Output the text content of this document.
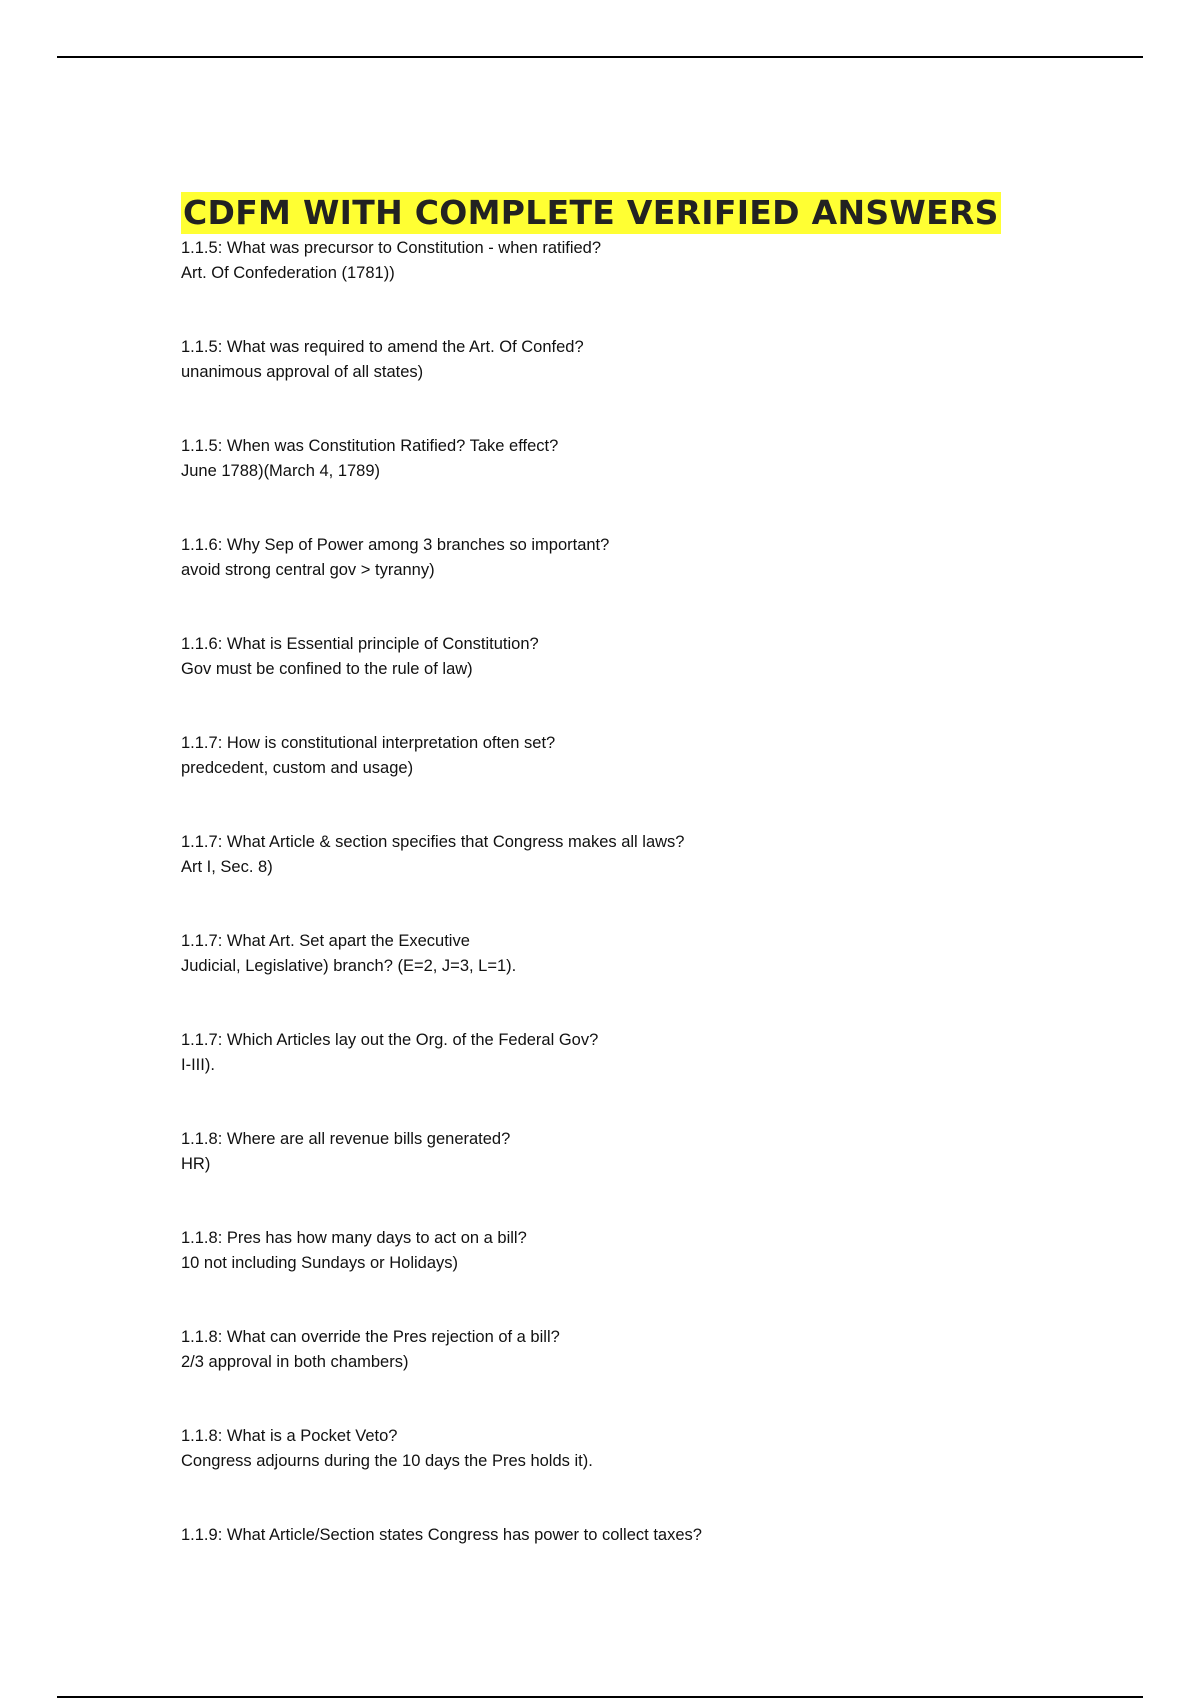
CDFM WITH COMPLETE VERIFIED ANSWERS
1.1.5: What was precursor to Constitution - when ratified?
Art. Of Confederation (1781))
1.1.5: What was required to amend the Art. Of Confed?
unanimous approval of all states)
1.1.5: When was Constitution Ratified? Take effect?
June 1788)(March 4, 1789)
1.1.6: Why Sep of Power among 3 branches so important?
avoid strong central gov > tyranny)
1.1.6: What is Essential principle of Constitution?
Gov must be confined to the rule of law)
1.1.7: How is constitutional interpretation often set?
predcedent, custom and usage)
1.1.7: What Article & section specifies that Congress makes all laws?
Art I, Sec. 8)
1.1.7: What Art. Set apart the Executive
Judicial, Legislative) branch? (E=2, J=3, L=1).
1.1.7: Which Articles lay out the Org. of the Federal Gov?
I-III).
1.1.8: Where are all revenue bills generated?
HR)
1.1.8: Pres has how many days to act on a bill?
10 not including Sundays or Holidays)
1.1.8: What can override the Pres rejection of a bill?
2/3 approval in both chambers)
1.1.8: What is a Pocket Veto?
Congress adjourns during the 10 days the Pres holds it).
1.1.9: What Article/Section states Congress has power to collect taxes?
